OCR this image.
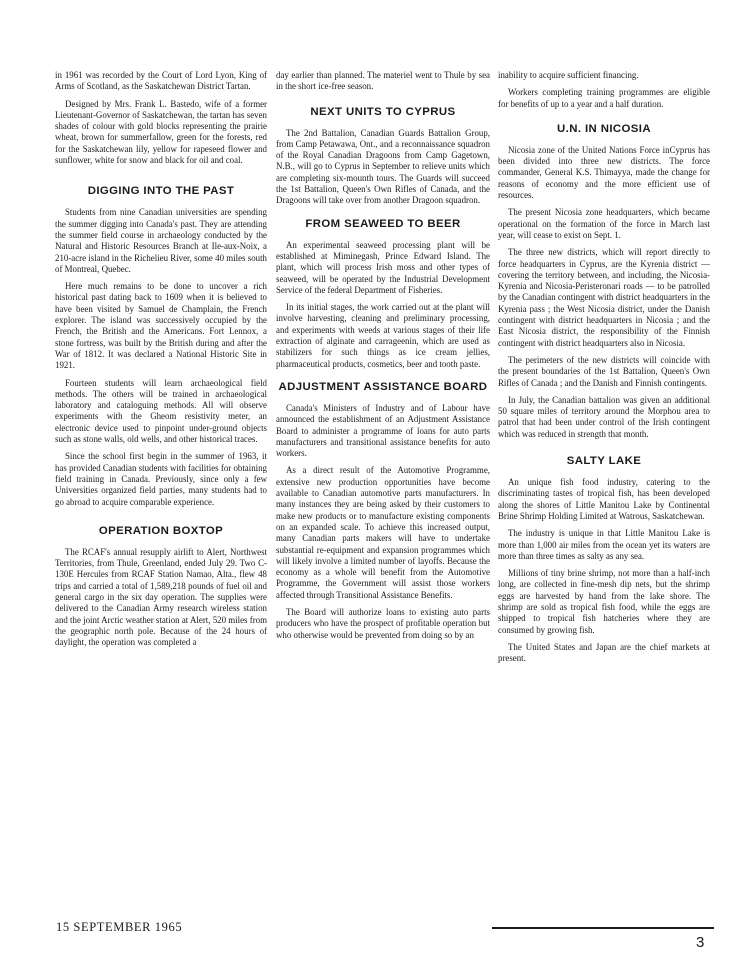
in 1961 was recorded by the Court of Lord Lyon, King of Arms of Scotland, as the Saskatchewan District Tartan.

Designed by Mrs. Frank L. Bastedo, wife of a former Lieutenant-Governor of Saskatchewan, the tartan has seven shades of colour with gold blocks representing the prairie wheat, brown for summerfallow, green for the forests, red for the Saskatchewan lily, yellow for rapeseed flower and sunflower, white for snow and black for oil and coal.

DIGGING INTO THE PAST

Students from nine Canadian universities are spending the summer digging into Canada's past. They are attending the summer field course in archaeology conducted by the Natural and Historic Resources Branch at Ile-aux-Noix, a 210-acre island in the Richelieu River, some 40 miles south of Montreal, Quebec.

Here much remains to be done to uncover a rich historical past dating back to 1609 when it is believed to have been visited by Samuel de Champlain, the French explorer. The island was successively occupied by the French, the British and the Americans. Fort Lennox, a stone fortress, was built by the British during and after the War of 1812. It was declared a National Historic Site in 1921.

Fourteen students will learn archaeological field methods. The others will be trained in archaeological laboratory and cataloguing methods. All will observe experiments with the Gheom resistivity meter, an electronic device used to pinpoint under-ground objects such as stone walls, old wells, and other historical traces.

Since the school first begin in the summer of 1963, it has provided Canadian students with facilities for obtaining field training in Canada. Previously, since only a few Universities organized field parties, many students had to go abroad to acquire comparable experience.

OPERATION BOXTOP

The RCAF's annual resupply airlift to Alert, Northwest Territories, from Thule, Greenland, ended July 29. Two C-130E Hercules from RCAF Station Namao, Alta., flew 48 trips and carried a total of 1,589,218 pounds of fuel oil and general cargo in the six day operation. The supplies were delivered to the Canadian Army research wireless station and the joint Arctic weather station at Alert, 520 miles from the geographic north pole. Because of the 24 hours of daylight, the operation was completed a

day earlier than planned. The materiel went to Thule by sea in the short ice-free season.

NEXT UNITS TO CYPRUS

The 2nd Battalion, Canadian Guards Battalion Group, from Camp Petawawa, Ont., and a reconnaissance squadron of the Royal Canadian Dragoons from Camp Gagetown, N.B., will go to Cyprus in September to relieve units which are completing six-mounth tours. The Guards will succeed the 1st Battalion, Queen's Own Rifles of Canada, and the Dragoons will take over from another Dragoon squadron.

FROM SEAWEED TO BEER

An experimental seaweed processing plant will be established at Miminegash, Prince Edward Island. The plant, which will process Irish moss and other types of seaweed, will be operated by the Industrial Development Service of the federal Department of Fisheries.

In its initial stages, the work carried out at the plant will involve harvesting, cleaning and preliminary processing, and experiments with weeds at various stages of their life extraction of alginate and carrageenin, which are used as stabilizers for such things as ice cream jellies, pharmaceutical products, cosmetics, beer and tooth paste.

ADJUSTMENT ASSISTANCE BOARD

Canada's Ministers of Industry and of Labour have announced the establishment of an Adjustment Assistance Board to administer a programme of loans for auto parts manufacturers and transitional assistance benefits for auto workers.

As a direct result of the Automotive Programme, extensive new production opportunities have become available to Canadian automotive parts manufacturers. In many instances they are being asked by their customers to make new products or to manufacture existing components on an expanded scale. To achieve this increased output, many Canadian parts makers will have to undertake substantial re-equipment and expansion programmes which will likely involve a limited number of layoffs. Because the economy as a whole will benefit from the Automotive Programme, the Government will assist those workers affected through Transitional Assistance Benefits.

The Board will authorize loans to existing auto parts producers who have the prospect of profitable operation but who otherwise would be prevented from doing so by an

inability to acquire sufficient financing.

Workers completing training programmes are eligible for benefits of up to a year and a half duration.

U.N. IN NICOSIA

Nicosia zone of the United Nations Force inCyprus has been divided into three new districts. The force commander, General K.S. Thimayya, made the change for reasons of economy and the more efficient use of resources.

The present Nicosia zone headquarters, which became operational on the formation of the force in March last year, will cease to exist on Sept. 1.

The three new districts, which will report directly to force headquarters in Cyprus, are the Kyrenia district — covering the territory between, and including, the Nicosia-Kyrenia and Nicosia-Peristeronari roads — to be patrolled by the Canadian contingent with district headquarters in the Kyrenia pass ; the West Nicosia district, under the Danish contingent with district headquarters in Nicosia ; and the East Nicosia district, the responsibility of the Finnish contingent with district headquarters also in Nicosia.

The perimeters of the new districts will coincide with the present boundaries of the 1st Battalion, Queen's Own Rifles of Canada ; and the Danish and Finnish contingents.

In July, the Canadian battalion was given an additional 50 square miles of territory around the Morphou area to patrol that had been under control of the Irish contingent which was reduced in strength that month.

SALTY LAKE

An unique fish food industry, catering to the discriminating tastes of tropical fish, has been developed along the shores of Little Manitou Lake by Continental Brine Shrimp Holding Limited at Watrous, Saskatchewan.

The industry is unique in that Little Manitou Lake is more than 1,000 air miles from the ocean yet its waters are more than three times as salty as any sea.

Millions of tiny brine shrimp, not more than a half-inch long, are collected in fine-mesh dip nets, but the shrimp eggs are harvested by hand from the lake shore. The shrimp are sold as tropical fish food, while the eggs are shipped to tropical fish hatcheries where they are consumed by growing fish.

The United States and Japan are the chief markets at present.

15 SEPTEMBER 1965
3
